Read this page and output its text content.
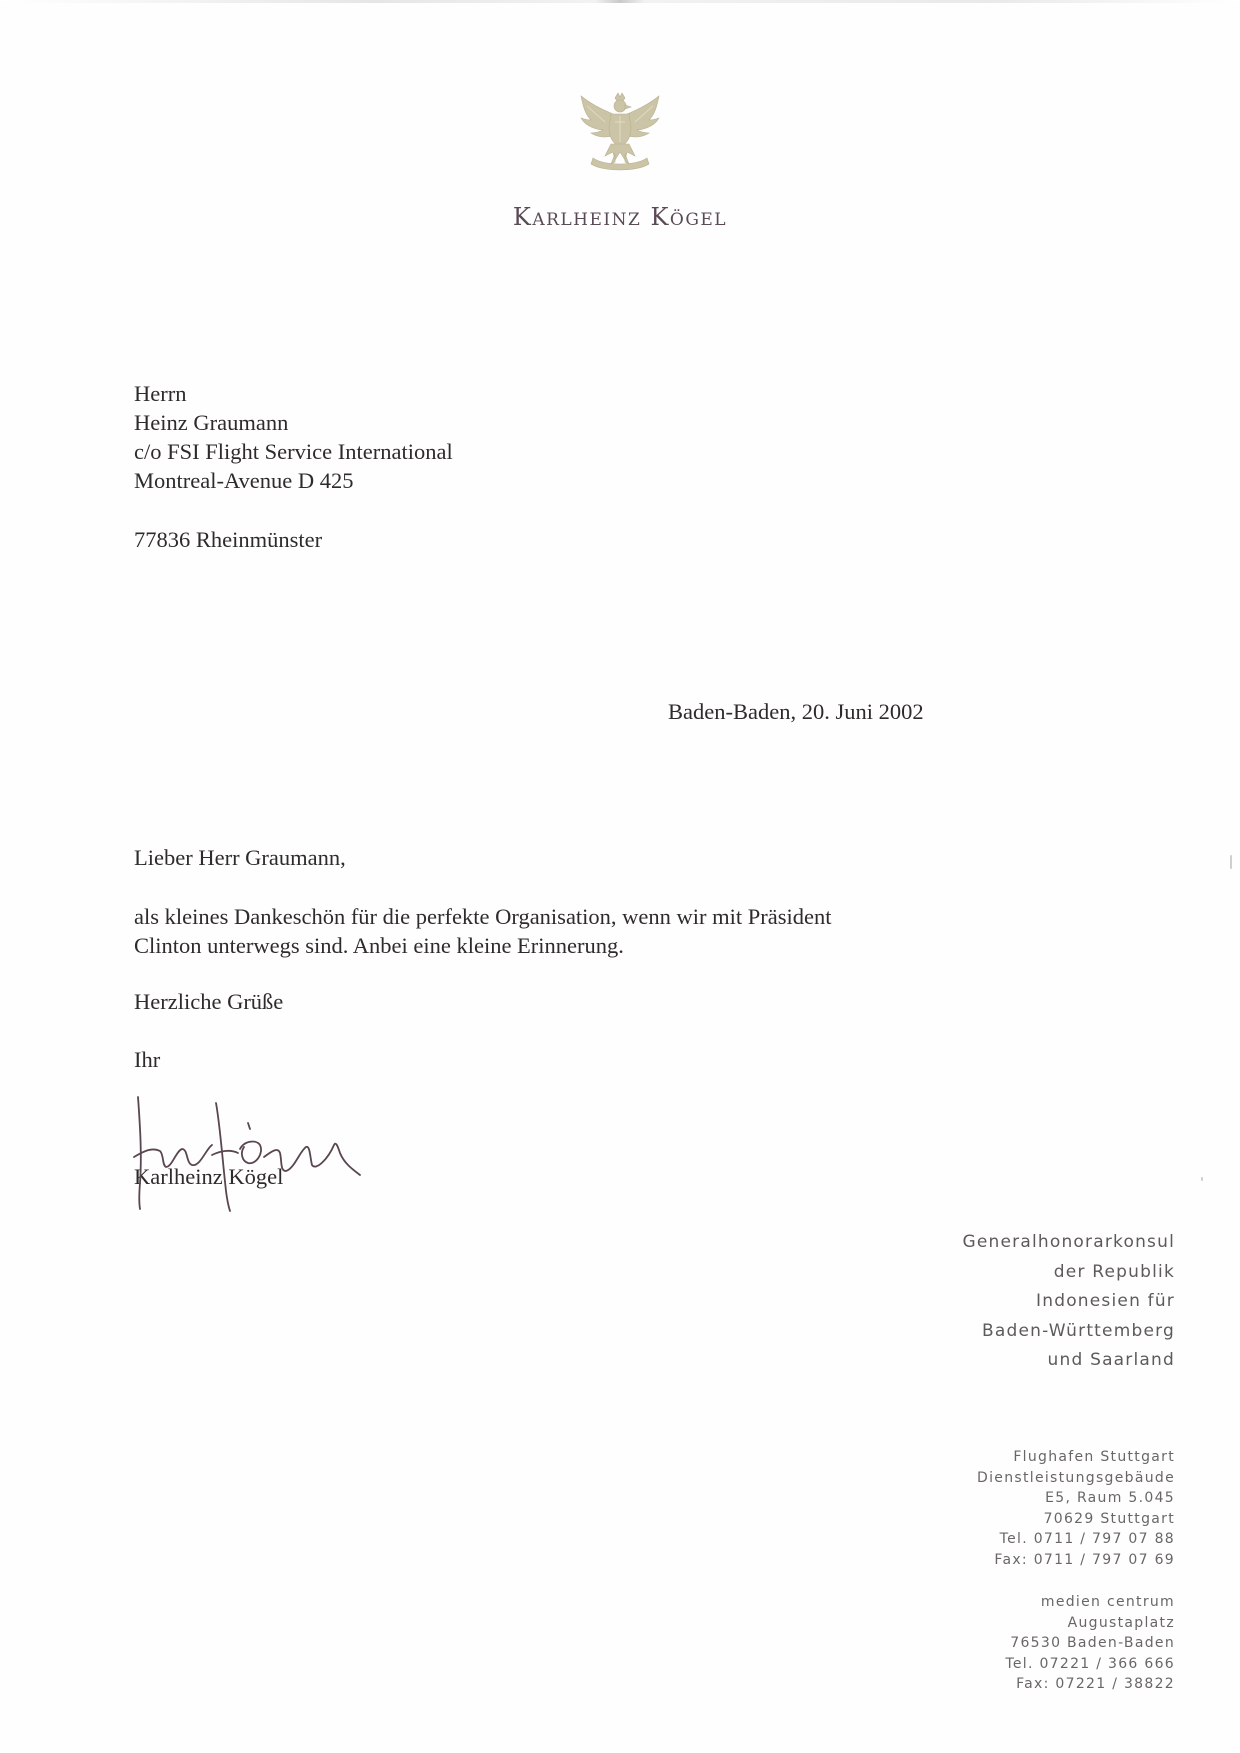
Karlheinz Kögel
Herrn
Heinz Graumann
c/o FSI Flight Service International
Montreal-Avenue D 425
77836 Rheinmünster
Baden-Baden, 20. Juni 2002
Lieber Herr Graumann,
als kleines Dankeschön für die perfekte Organisation, wenn wir mit Präsident
Clinton unterwegs sind. Anbei eine kleine Erinnerung.
Herzliche Grüße
Ihr
Karlheinz Kögel
Generalhonorarkonsul
der Republik
Indonesien für
Baden-Württemberg
und Saarland
Flughafen Stuttgart
Dienstleistungsgebäude
E5, Raum 5.045
70629 Stuttgart
Tel. 0711 / 797 07 88
Fax: 0711 / 797 07 69
medien centrum
Augustaplatz
76530 Baden-Baden
Tel. 07221 / 366 666
Fax: 07221 / 38822
